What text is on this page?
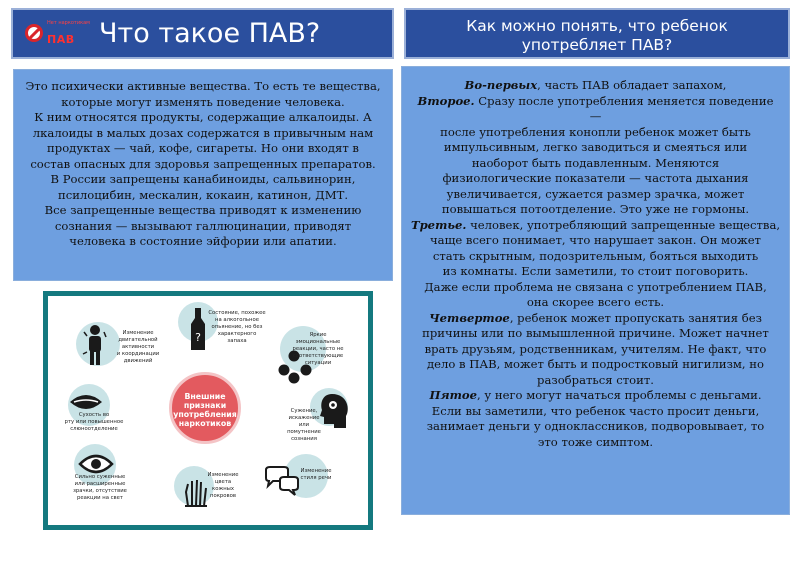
Нет наркотикам
ПАВ Что такое ПАВ?	Как можно понять, что ребенок
употребляет ПАВ?

Это психически активные вещества. То есть те вещества,

которые могут изменять поведение человека.

К ним относятся продукты, содержащие алкалоиды. А

лкалоиды в малых дозах содержатся в привычным нам

продуктах — чай, кофе, сигареты. Но они входят в

состав опасных для здоровья запрещенных препаратов.

В России запрещены канабиноиды, сальвинорин,

псилоцибин, мескалин, кокаин, катинон, ДМТ.

Все запрещенные вещества приводят к изменению

сознания — вызывают галлюцинации, приводят

человека в состояние эйфории или апатии.

Во-первых, часть ПАВ обладает запахом,

Второе. Сразу после употребления меняется поведение —

после употребления конопли ребенок может быть

импульсивным, легко заводиться и смеяться или

наоборот быть подавленным. Меняются

физиологические показатели — частота дыхания

увеличивается, сужается размер зрачка, может

повышаться потоотделение. Это уже не гормоны.

Третье. человек, употребляющий запрещенные вещества,

чаще всего понимает, что нарушает закон. Он может

стать скрытным, подозрительным, бояться выходить

из комнаты. Если заметили, то стоит поговорить.

Даже если проблема не связана с употреблением ПАВ,

она скорее всего есть.

Четвертое, ребенок может пропускать занятия без

причины или по вымышленной причине. Может начнет

врать друзьям, родственникам, учителям. Не факт, что

дело в ПАВ, может быть и подростковый нигилизм, но

разобраться стоит.

Пятое, у него могут начаться проблемы с деньгами.

Если вы заметили, что ребенок часто просит деньги,

занимает деньги у одноклассников, подворовывает, то

это тоже симптом.

Внешние
признаки
употребления
наркотиков
?
Изменение
двигательной
активности
и координации
движений
Состояние, похожее
на алкогольное
опьянение, но без
характерного
запаха
Яркие эмоциональные
реакции, часто не
соответствующие
ситуации
Сухость во
рту или повышенное
слюноотделение
Сужение,
искажение
или помутнение
сознания
Сильно суженные
или расширенные
зрачки, отсутствие
реакции на свет
Изменение
цвета
кожных
покровов
Изменение
стиля речи
